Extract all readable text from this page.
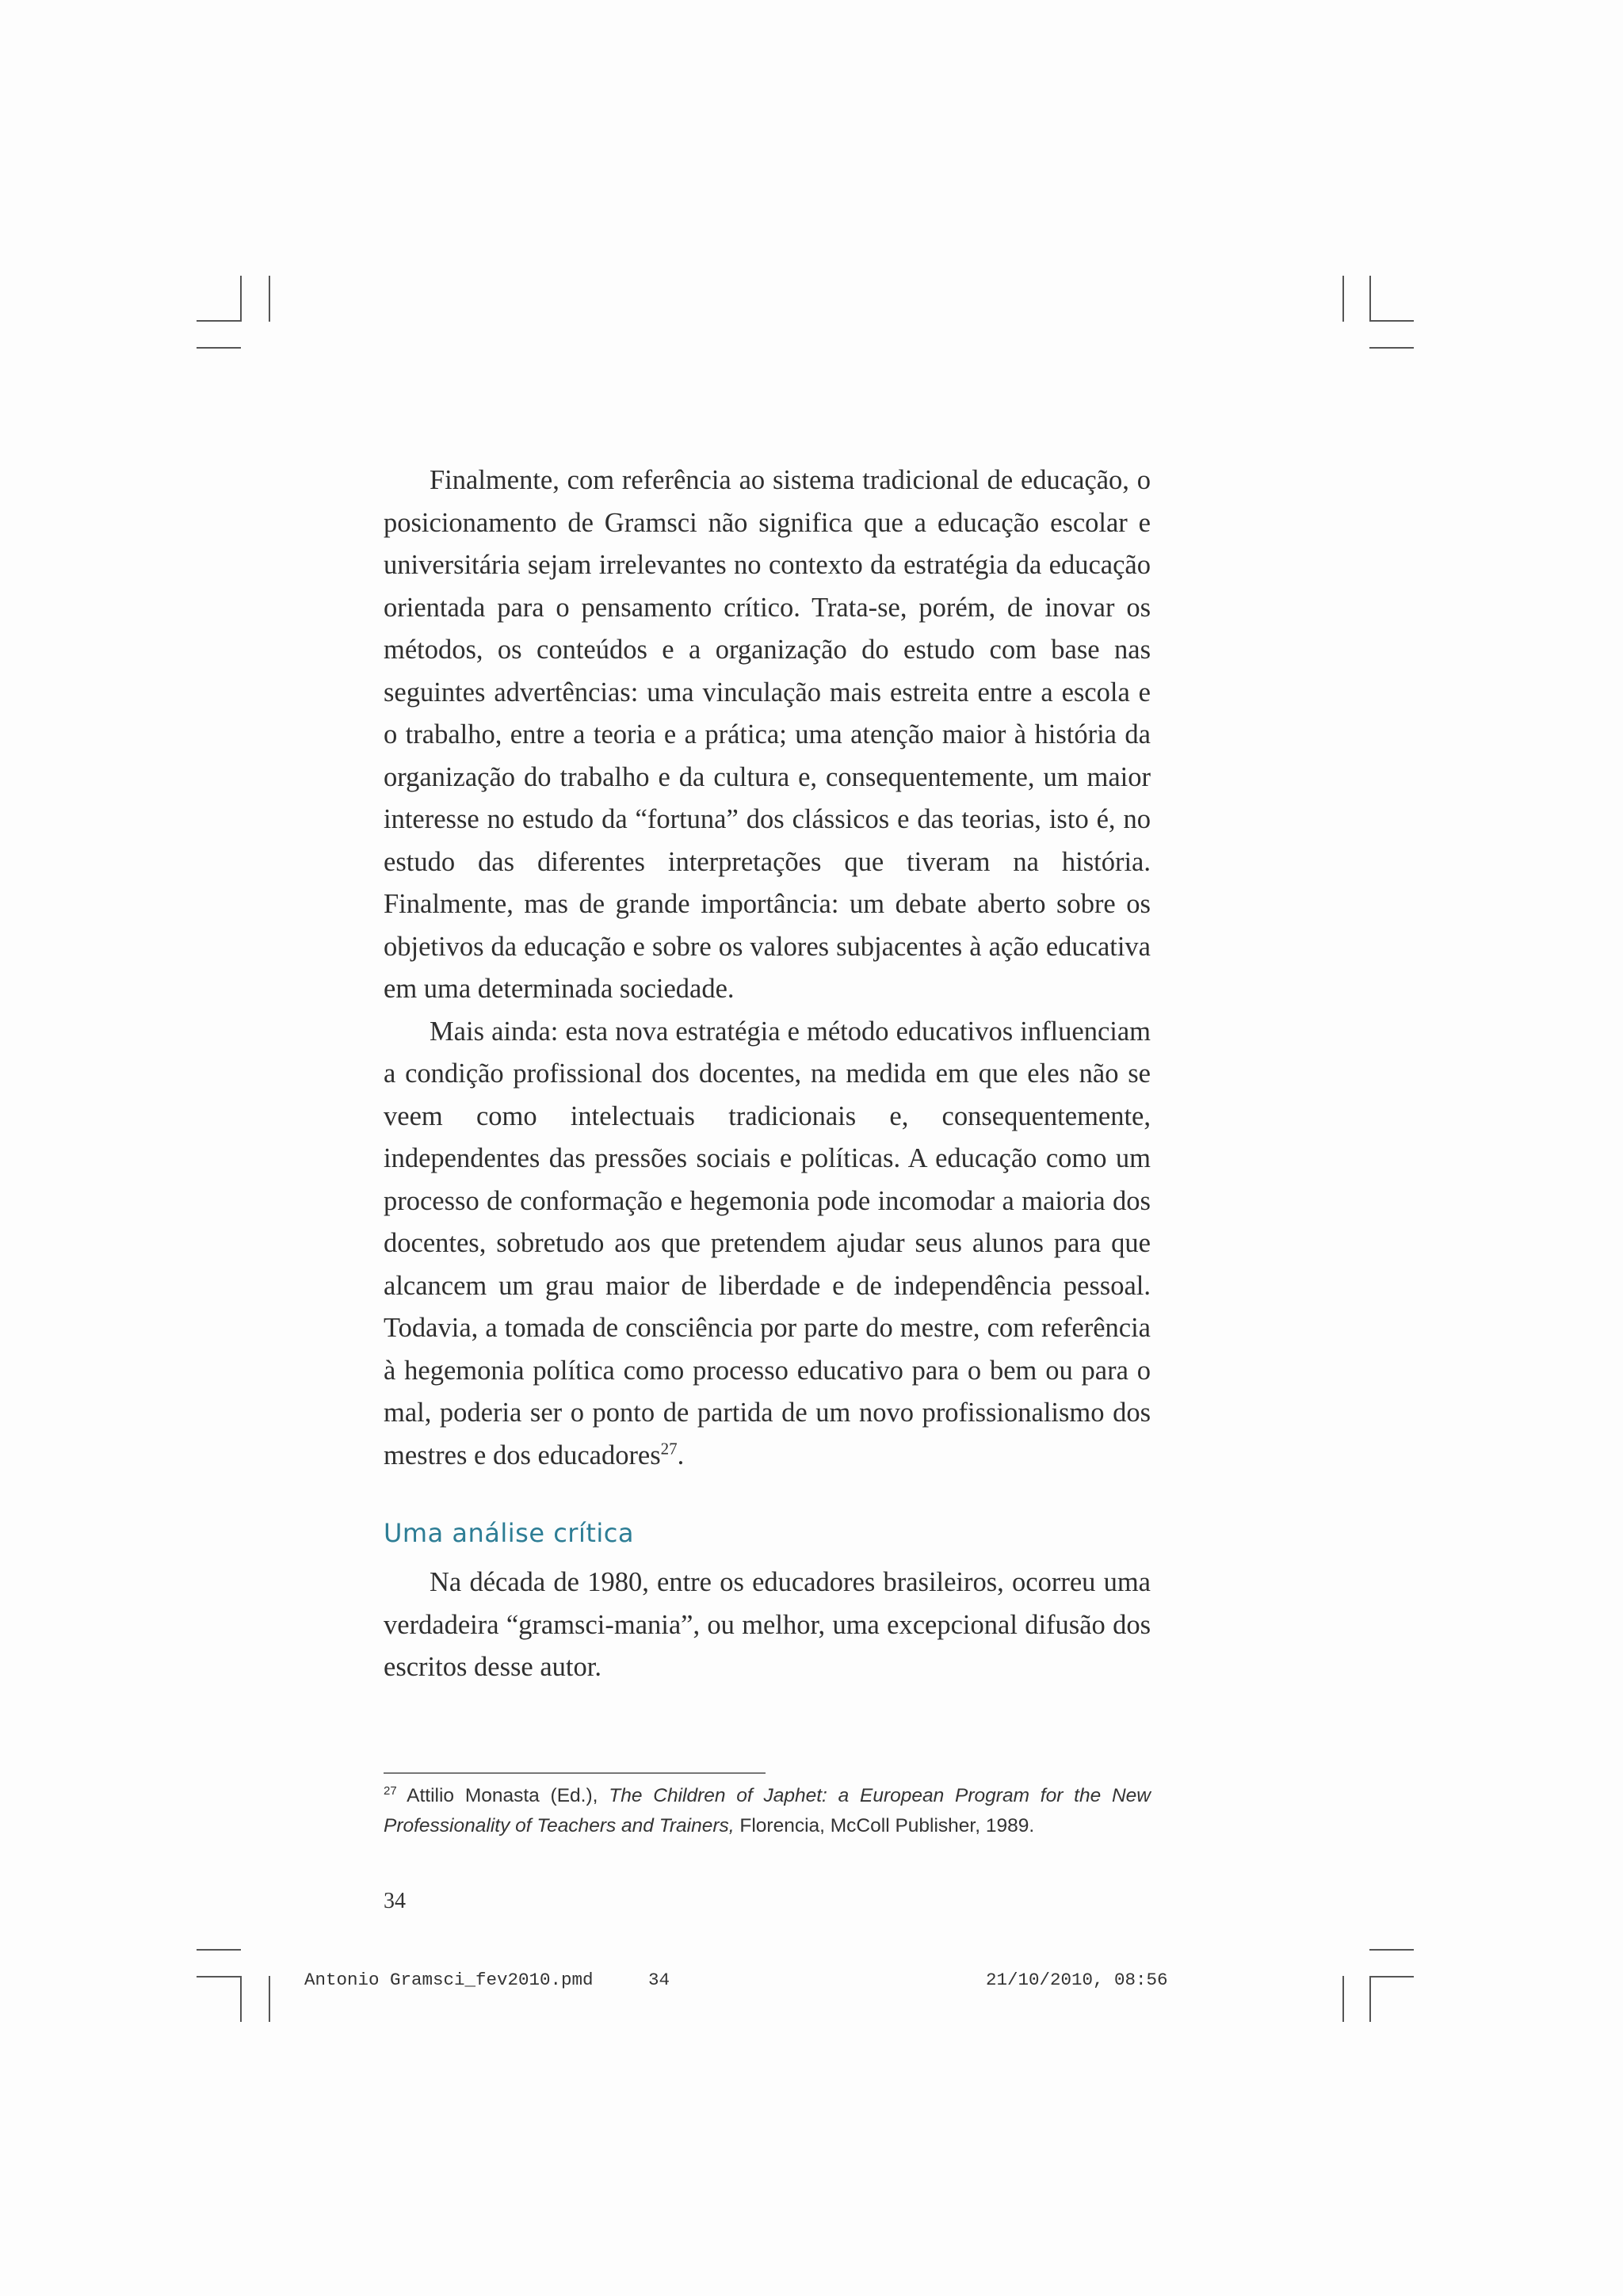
Finalmente, com referência ao sistema tradicional de educação, o posicionamento de Gramsci não significa que a educação escolar e universitária sejam irrelevantes no contexto da estratégia da educação orientada para o pensamento crítico. Trata-se, porém, de inovar os métodos, os conteúdos e a organização do estudo com base nas seguintes advertências: uma vinculação mais estreita entre a escola e o trabalho, entre a teoria e a prática; uma atenção maior à história da organização do trabalho e da cultura e, consequentemente, um maior interesse no estudo da “fortuna” dos clássicos e das teorias, isto é, no estudo das diferentes interpretações que tiveram na história. Finalmente, mas de grande importância: um debate aberto sobre os objetivos da educação e sobre os valores subjacentes à ação educativa em uma determinada sociedade.

Mais ainda: esta nova estratégia e método educativos influenciam a condição profissional dos docentes, na medida em que eles não se veem como intelectuais tradicionais e, consequentemente, independentes das pressões sociais e políticas. A educação como um processo de conformação e hegemonia pode incomodar a maioria dos docentes, sobretudo aos que pretendem ajudar seus alunos para que alcancem um grau maior de liberdade e de independência pessoal. Todavia, a tomada de consciência por parte do mestre, com referência à hegemonia política como processo educativo para o bem ou para o mal, poderia ser o ponto de partida de um novo profissionalismo dos mestres e dos educadores$^{27}$.

Uma análise crítica

Na década de 1980, entre os educadores brasileiros, ocorreu uma verdadeira “gramsci-mania”, ou melhor, uma excepcional difusão dos escritos desse autor.

$^{27}$ Attilio Monasta (Ed.), The Children of Japhet: a European Program for the New Professionality of Teachers and Trainers, Florencia, McColl Publisher, 1989.

34
Antonio Gramsci_fev2010.pmd	34	21/10/2010, 08:56
